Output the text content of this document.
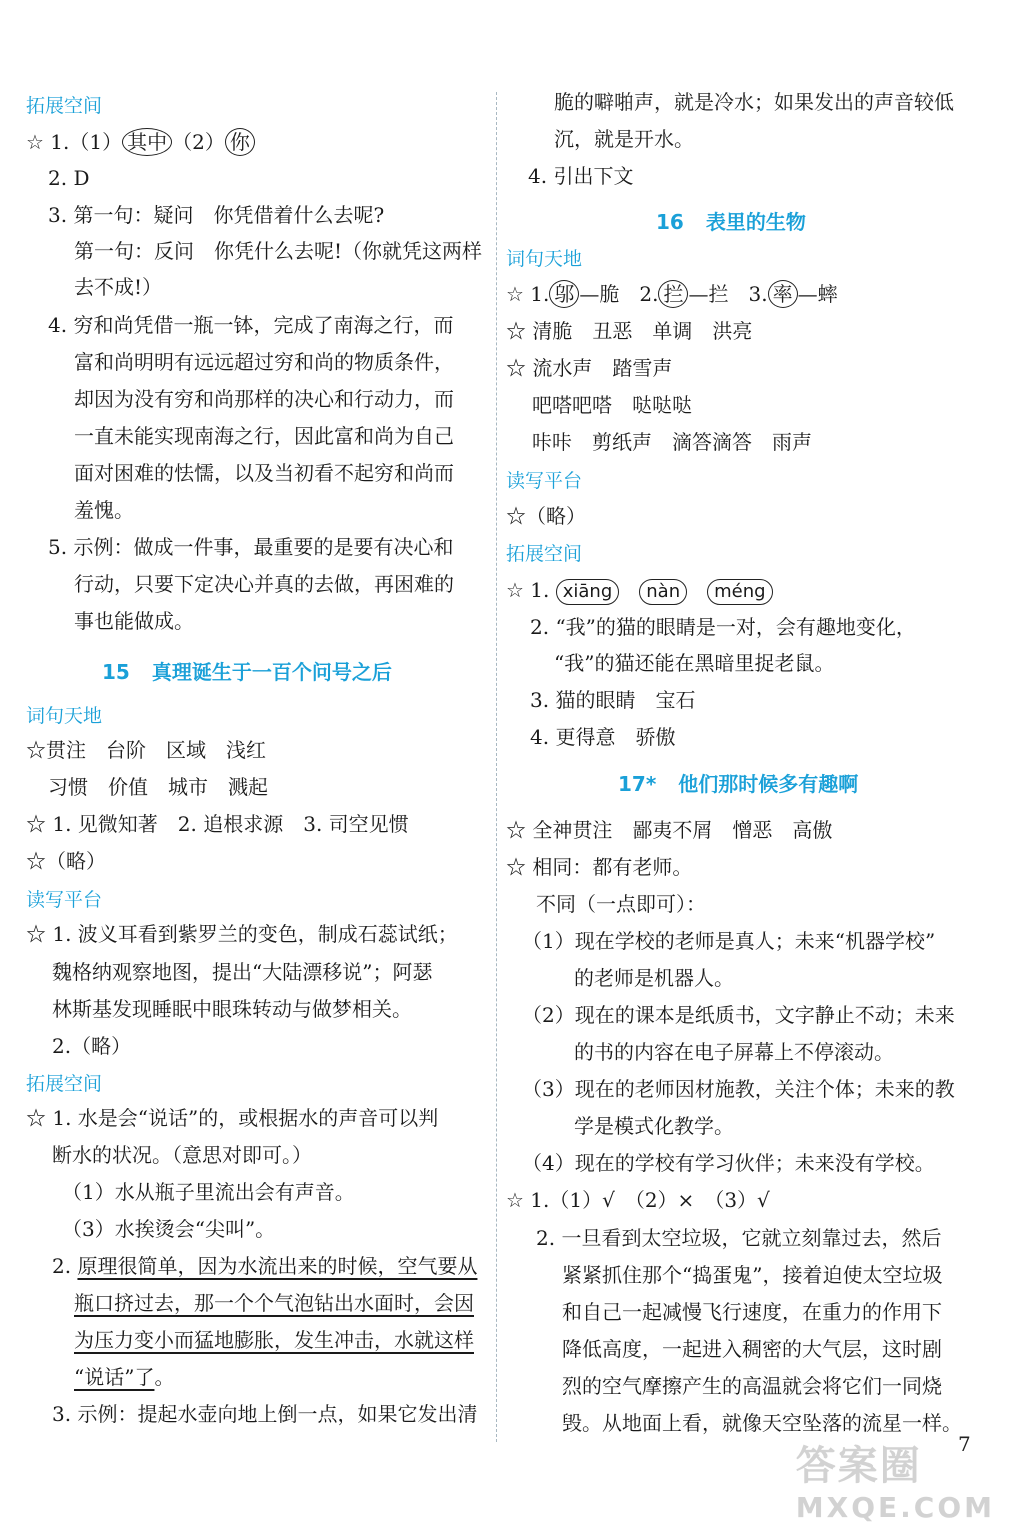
拓展空间
☆ 1.（1） 其中 （2） 你
2. D
3. 第一句：疑问　你凭借着什么去呢?
第一句：反问　你凭什么去呢!（你就凭这两样
去不成!）
4. 穷和尚凭借一瓶一钵，完成了南海之行，而
富和尚明明有远远超过穷和尚的物质条件，
却因为没有穷和尚那样的决心和行动力，而
一直未能实现南海之行，因此富和尚为自己
面对困难的怯懦，以及当初看不起穷和尚而
羞愧。
5. 示例：做成一件事，最重要的是要有决心和
行动，只要下定决心并真的去做，再困难的
事也能做成。
15 真理诞生于一百个问号之后
词句天地
☆贯注　台阶　区域　浅红
习惯　价值　城市　溅起
☆ 1. 见微知著　2. 追根求源　3. 司空见惯
☆（略）
读写平台
☆ 1. 波义耳看到紫罗兰的变色，制成石蕊试纸；
魏格纳观察地图，提出“大陆漂移说”；阿瑟
林斯基发现睡眠中眼珠转动与做梦相关。
2.（略）
拓展空间
☆ 1. 水是会“说话”的，或根据水的声音可以判
断水的状况。（意思对即可。）
（1）水从瓶子里流出会有声音。
（3）水挨烫会“尖叫”。
2. 原理很简单，因为水流出来的时候，空气要从
瓶口挤过去，那一个个气泡钻出水面时，会因
为压力变小而猛地膨胀，发生冲击，水就这样
“说话”了。
3. 示例：提起水壶向地上倒一点，如果它发出清
脆的噼啪声，就是冷水；如果发出的声音较低
沉，就是开水。
4. 引出下文
16 表里的生物
词句天地
☆ 1. 邬 —脆　2. 拦 —拦　3. 率 —蟀
☆ 清脆　丑恶　单调　洪亮
☆ 流水声　踏雪声
吧嗒吧嗒　哒哒哒
咔咔　剪纸声　滴答滴答　雨声
读写平台
☆（略）
拓展空间
☆ 1. xiāng　 nàn　 méng
2. “我”的猫的眼睛是一对，会有趣地变化，
“我”的猫还能在黑暗里捉老鼠。
3. 猫的眼睛　宝石
4. 更得意　骄傲
17* 他们那时候多有趣啊
☆ 全神贯注　鄙夷不屑　憎恶　高傲
☆ 相同：都有老师。
不同（一点即可）：
（1）现在学校的老师是真人；未来“机器学校”
的老师是机器人。
（2）现在的课本是纸质书，文字静止不动；未来
的书的内容在电子屏幕上不停滚动。
（3）现在的老师因材施教，关注个体；未来的教
学是模式化教学。
（4）现在的学校有学习伙伴；未来没有学校。
☆ 1.（1）√　（2）×　（3）√
2. 一旦看到太空垃圾，它就立刻靠过去，然后
紧紧抓住那个“捣蛋鬼”，接着迫使太空垃圾
和自己一起减慢飞行速度，在重力的作用下
降低高度，一起进入稠密的大气层，这时剧
烈的空气摩擦产生的高温就会将它们一同烧
毁。从地面上看，就像天空坠落的流星一样。
7
答案圈
MXQE.COM
